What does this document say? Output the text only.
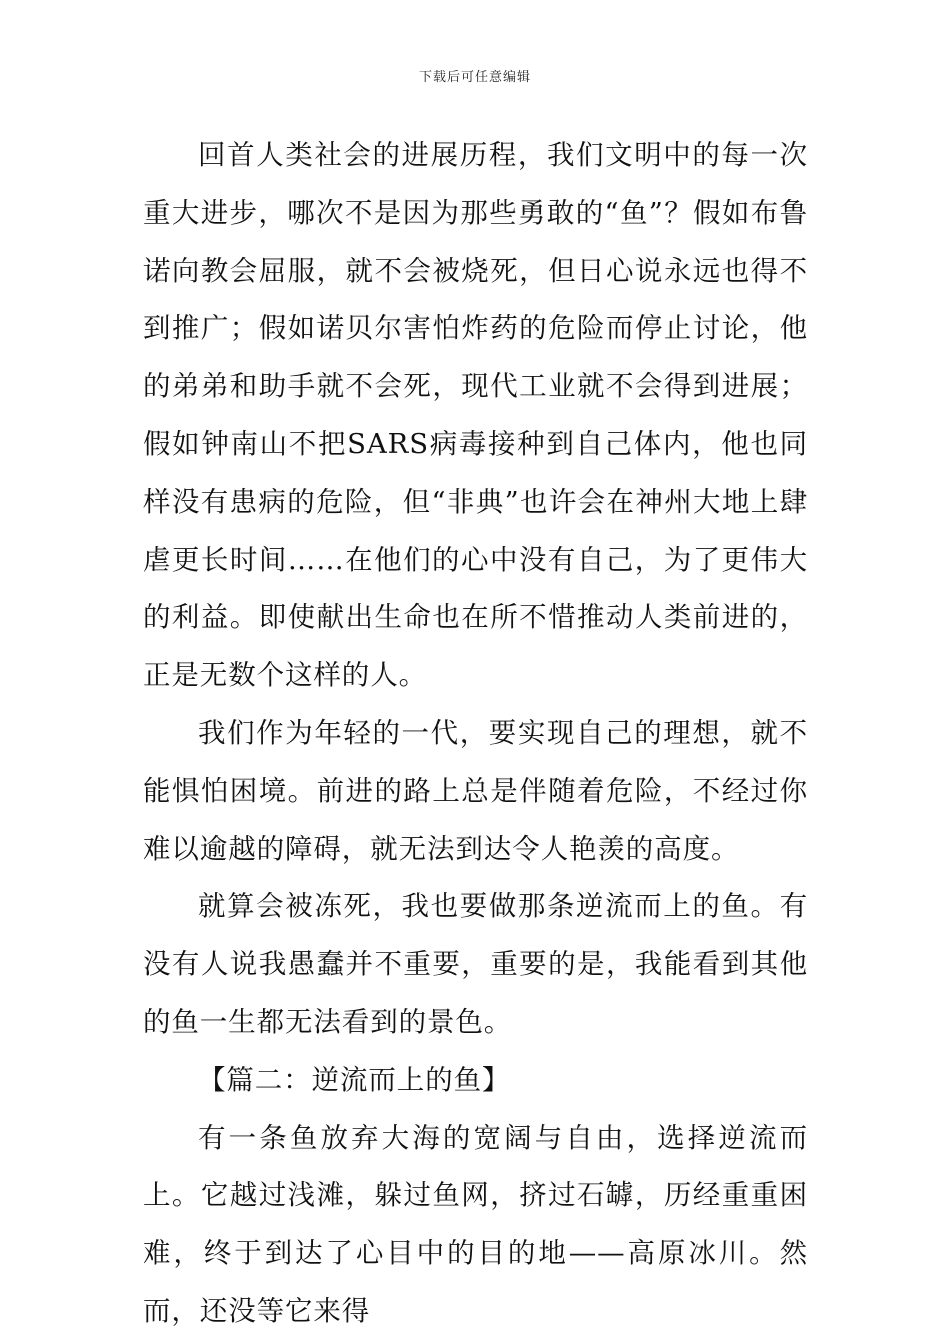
下载后可任意编辑

回首人类社会的进展历程，我们文明中的每一次重大进步，哪次不是因为那些勇敢的“鱼”？假如布鲁诺向教会屈服，就不会被烧死，但日心说永远也得不到推广；假如诺贝尔害怕炸药的危险而停止讨论，他的弟弟和助手就不会死，现代工业就不会得到进展；假如钟南山不把SARS病毒接种到自己体内，他也同样没有患病的危险，但“非典”也许会在神州大地上肆虐更长时间……在他们的心中没有自己，为了更伟大的利益。即使献出生命也在所不惜推动人类前进的，正是无数个这样的人。

我们作为年轻的一代，要实现自己的理想，就不能惧怕困境。前进的路上总是伴随着危险，不经过你难以逾越的障碍，就无法到达令人艳羡的高度。

就算会被冻死，我也要做那条逆流而上的鱼。有没有人说我愚蠢并不重要，重要的是，我能看到其他的鱼一生都无法看到的景色。

【篇二：逆流而上的鱼】

有一条鱼放弃大海的宽阔与自由，选择逆流而上。它越过浅滩，躲过鱼网，挤过石罅，历经重重困难，终于到达了心目中的目的地——高原冰川。然而，还没等它来得
